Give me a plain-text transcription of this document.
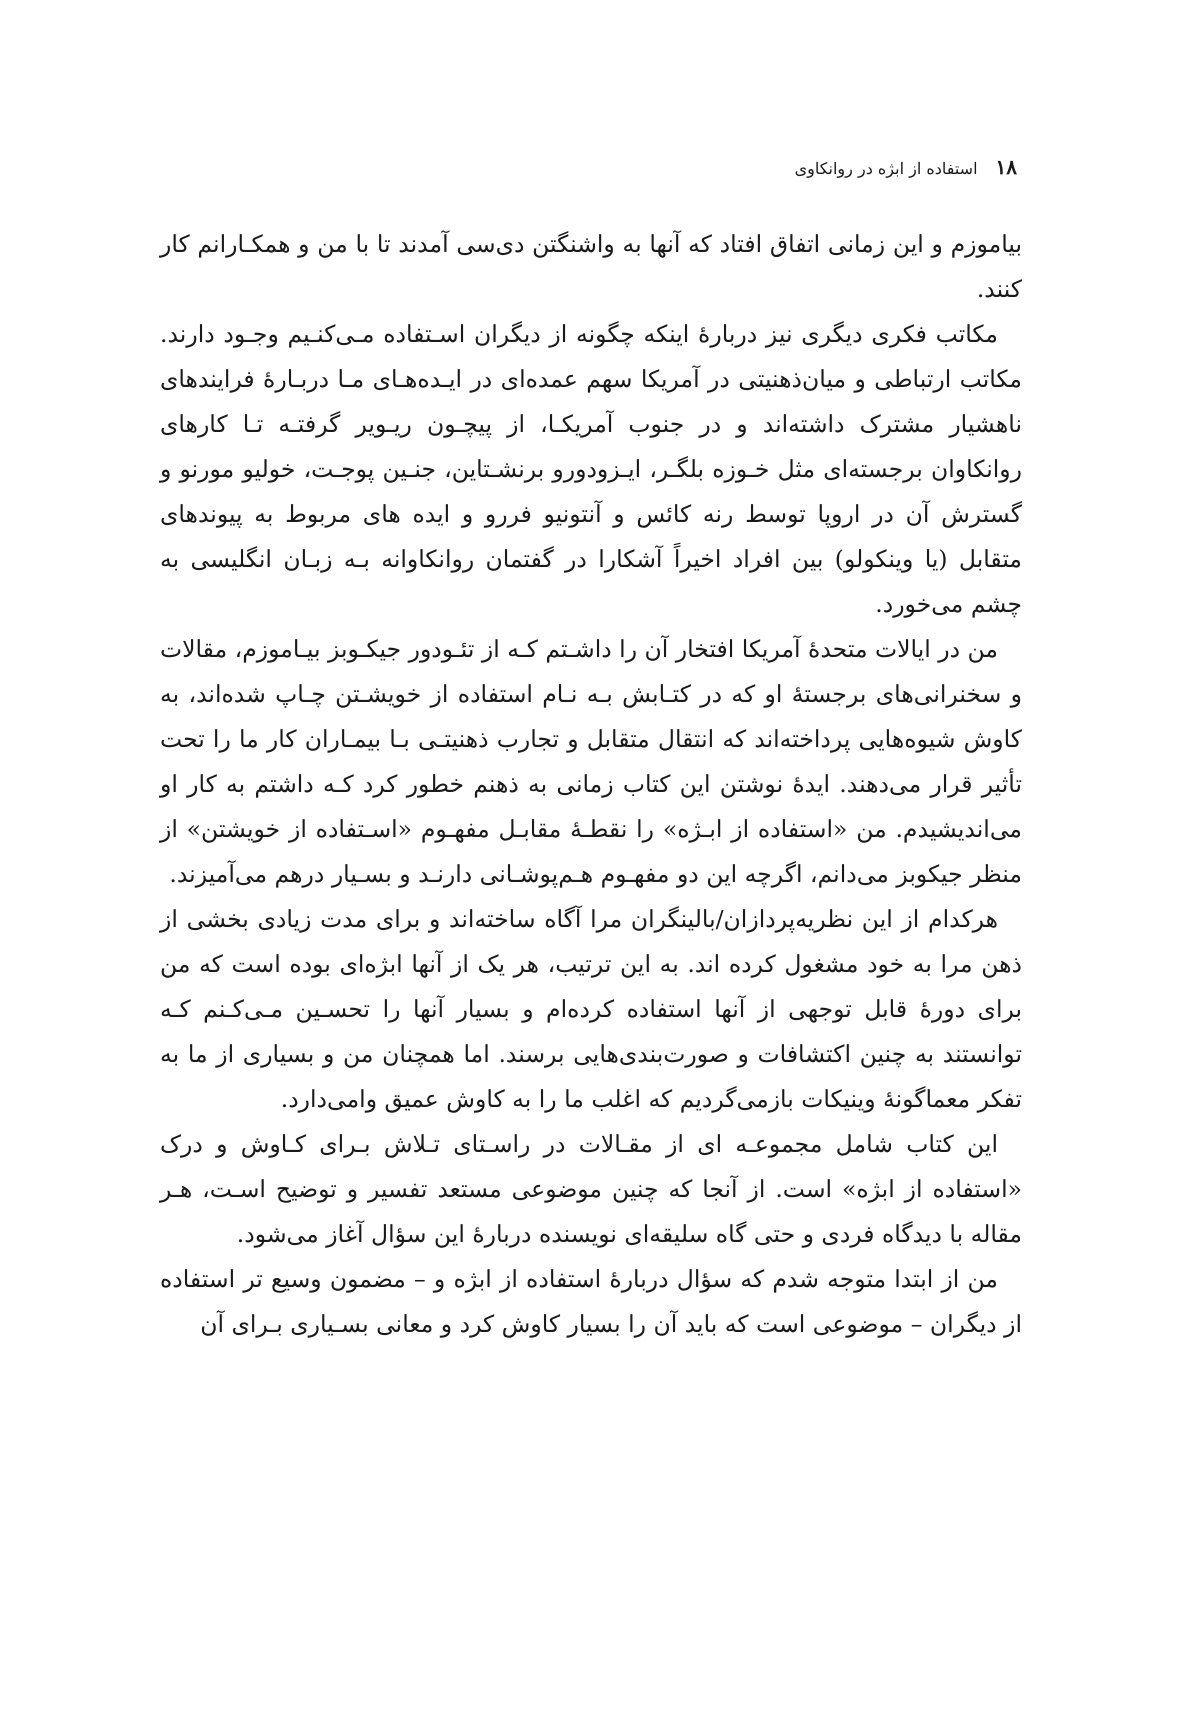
۱۸
استفاده از ابژه در روانکاوی

بیاموزم و این زمانی اتفاق افتاد که آنها به واشنگتن دی‌سی آمدند تا با من و همکـارانم کار کنند.

مکاتب فکری دیگری نیز دربارهٔ اینکه چگونه از دیگران اسـتفاده مـی‌کنـیم وجـود دارند. مکاتب ارتباطی و میان‌ذهنیتی در آمریکا سهم عمده‌ای در ایـده‌هـای مـا دربـارهٔ فرایندهای ناهشیار مشترک داشته‌اند و در جنوب آمریکـا، از پیچـون ریـویر گرفتـه تـا کارهای روانکاوان برجسته‌ای مثل خـوزه بلگـر، ایـزودورو برنشـتاین، جنـین پوجـت، خولیو مورنو و گسترش آن در اروپا توسط رنه کائس و آنتونیو فررو و ایده های مربوط به پیوندهای متقابل (یا وینکولو) بین افراد اخیراً آشکارا در گفتمان روانکاوانه بـه زبـان انگلیسی به چشم می‌خورد.

من در ایالات متحدهٔ آمریکا افتخار آن را داشـتم کـه از تئـودور جیکـوبز بیـاموزم، مقالات و سخنرانی‌های برجستهٔ او که در کتـابش بـه نـام استفاده از خویشـتن چـاپ شده‌اند، به کاوش شیوه‌هایی پرداخته‌اند که انتقال متقابل و تجارب ذهنیتـی بـا بیمـاران کار ما را تحت تأثیر قرار می‌دهند. ایدهٔ نوشتن این کتاب زمانی به ذهنم خطور کرد کـه داشتم به کار او می‌اندیشیدم. من «استفاده از ابـژه» را نقطـهٔ مقابـل مفهـوم «اسـتفاده از خویشتن» از منظر جیکوبز می‌دانم، اگرچه این دو مفهـوم هـم‌پوشـانی دارنـد و بسـیار درهم می‌آمیزند.

هرکدام از این نظریه‌پردازان/بالینگران مرا آگاه ساخته‌اند و برای مدت زیادی بخشی از ذهن مرا به خود مشغول کرده اند. به این ترتیب، هر یک از آنها ابژه‌ای بوده است که من برای دورهٔ قابل توجهی از آنها استفاده کرده‌ام و بسیار آنها را تحسـین مـی‌کـنم کـه توانستند به چنین اکتشافات و صورت‌بندی‌هایی برسند. اما همچنان من و بسیاری از ما به تفکر معماگونهٔ وینیکات بازمی‌گردیم که اغلب ما را به کاوش عمیق وامی‌دارد.

این کتاب شامل مجموعـه ای از مقـالات در راسـتای تـلاش بـرای کـاوش و درک «استفاده از ابژه» است. از آنجا که چنین موضوعی مستعد تفسیر و توضیح اسـت، هـر مقاله با دیدگاه فردی و حتی گاه سلیقه‌ای نویسنده دربارهٔ این سؤال آغاز می‌شود.

من از ابتدا متوجه شدم که سؤال دربارهٔ استفاده از ابژه و – مضمون وسیع تر استفاده از دیگران – موضوعی است که باید آن را بسیار کاوش کرد و معانی بسـیاری بـرای آن
